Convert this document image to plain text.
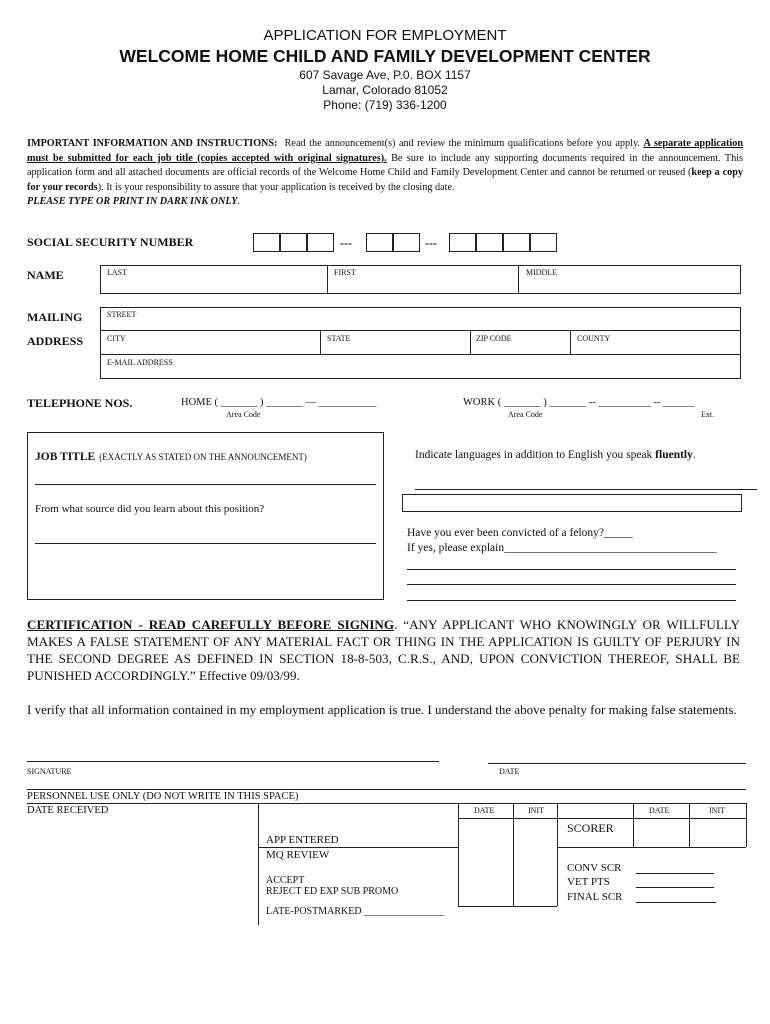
APPLICATION FOR EMPLOYMENT
WELCOME HOME CHILD AND FAMILY DEVELOPMENT CENTER
607 Savage Ave, P.0. BOX 1157
Lamar, Colorado 81052
Phone: (719) 336-1200
IMPORTANT INFORMATION AND INSTRUCTIONS: Read the announcement(s) and review the minimum qualifications before you apply. A separate application must be submitted for each job title (copies accepted with original signatures). Be sure to include any supporting documents required in the announcement. This application form and all attached documents are official records of the Welcome Home Child and Family Development Center and cannot be returned or reused (keep a copy for your records). It is your responsibility to assure that your application is received by the closing date.
PLEASE TYPE OR PRINT IN DARK INK ONLY.
SOCIAL SECURITY NUMBER	---	---
NAME	LAST	FIRST	MIDDLE
MAILING
ADDRESS
STREET
CITY	STATE	ZIP CODE	COUNTY
E-MAIL ADDRESS
TELEPHONE NOS.	HOME ( _______ ) _______ — ___________
Area Code
WORK ( _______ ) _______ -- __________ -- ______
Area Code	Ext.
JOB TITLE (EXACTLY AS STATED ON THE ANNOUNCEMENT)
From what source did you learn about this position?
Indicate languages in addition to English you speak fluently.
Have you ever been convicted of a felony?_____
If yes, please explain_____________________________________
CERTIFICATION - READ CAREFULLY BEFORE SIGNING. “ANY APPLICANT WHO KNOWINGLY OR WILLFULLY MAKES A FALSE STATEMENT OF ANY MATERIAL FACT OR THING IN THE APPLICATION IS GUILTY OF PERJURY IN THE SECOND DEGREE AS DEFINED IN SECTION 18-8-503, C.R.S., AND, UPON CONVICTION THEREOF, SHALL BE PUNISHED ACCORDINGLY.” Effective 09/03/99.
I verify that all information contained in my employment application is true. I understand the above penalty for making false statements.
SIGNATURE	DATE
PERSONNEL USE ONLY (DO NOT WRITE IN THIS SPACE)
DATE RECEIVED	DATE	INIT	DATE	INIT
APP ENTERED
MQ REVIEW
ACCEPT
REJECT ED EXP SUB PROMO
LATE-POSTMARKED ________________
SCORER
CONV SCR
VET PTS
FINAL SCR
